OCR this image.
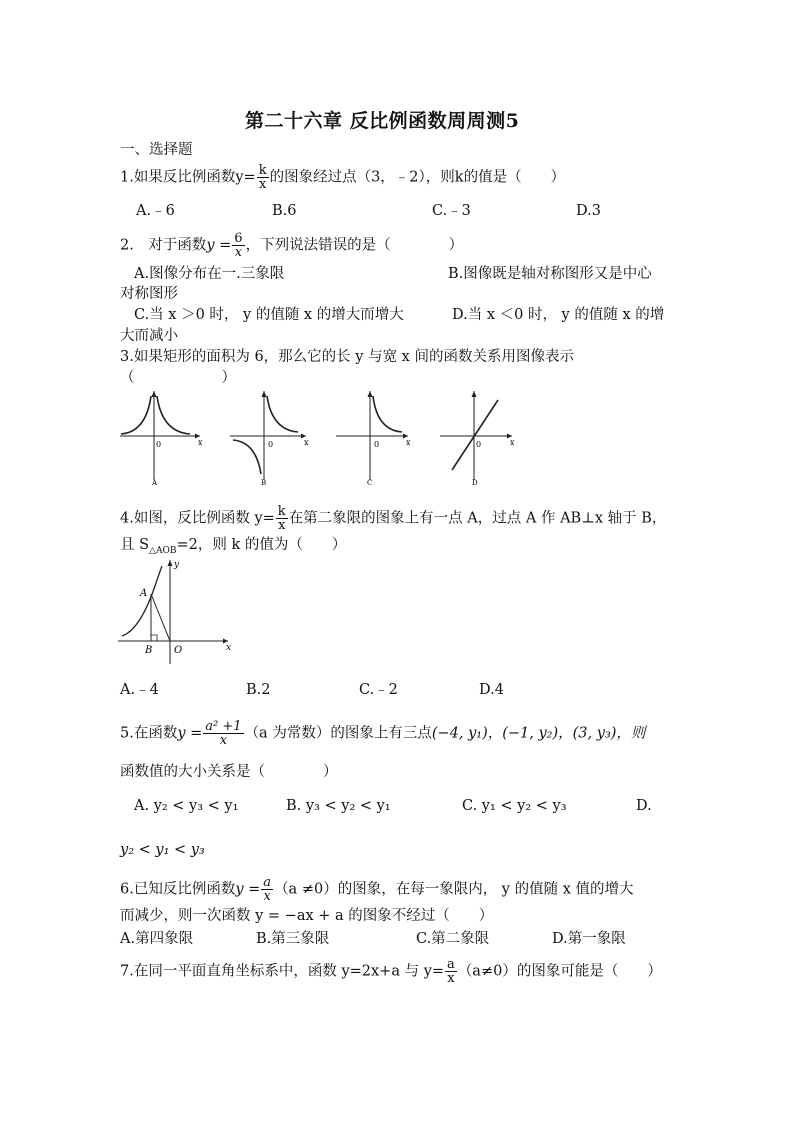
第二十六章 反比例函数周周测5
一、选择题
1.如果反比例函数$y= \frac{k}{x}$ 的图象经过点（3，﹣2），则k的值是（　　）
A.﹣6	B.6	C.﹣3	D.3
2.　对于函数$y = \frac{6}{x}$ ，下列说法错误的是（　　　　）
A.图像分布在一.三象限	B.图像既是轴对称图形又是中心
对称图形
C.当 x ＞0 时， y 的值随 x 的增大而增大	D.当 x ＜0 时， y 的值随 x 的增
大而减小
3.如果矩形的面积为 6，那么它的长 y 与宽 x 间的函数关系用图像表示
（　　　　　　）
0	x
A
0	x
B
0	x
C
0	x
D
4.如图，反比例函数 $y= \frac{k}{x}$ 在第二象限的图象上有一点 A，过点 A 作 AB⊥x 轴于 B，
且 $S_{\triangle AOB}=2$，则 k 的值为（　　）
A
B O
y
x
A.﹣4	B.2	C.﹣2	D.4
5.在函数$y = \frac{\text{a² +1}}{x} (a$ 为常数）的图象上有三点(−4, y₁)，(−1, y₂)，(3, y₃)，则
函数值的大小关系是（　　　　）
A. y₂ < y₃ < y₁	B. y₃ < y₂ < y₁	C. y₁ < y₂ < y₃	D.
y₂ < y₁ < y₃
6.已知反比例函数$y = \frac{a}{x} (a \ne 0)$的图象，在每一象限内， y 的值随 x 值的增大
而减少，则一次函数 y = −ax + a 的图象不经过（　　）
A.第四象限	B.第三象限	C.第二象限	D.第一象限
7.在同一平面直角坐标系中，函数 y=2x+a 与 $y= \frac{a}{x} (a\ne 0)$的图象可能是（　　）
